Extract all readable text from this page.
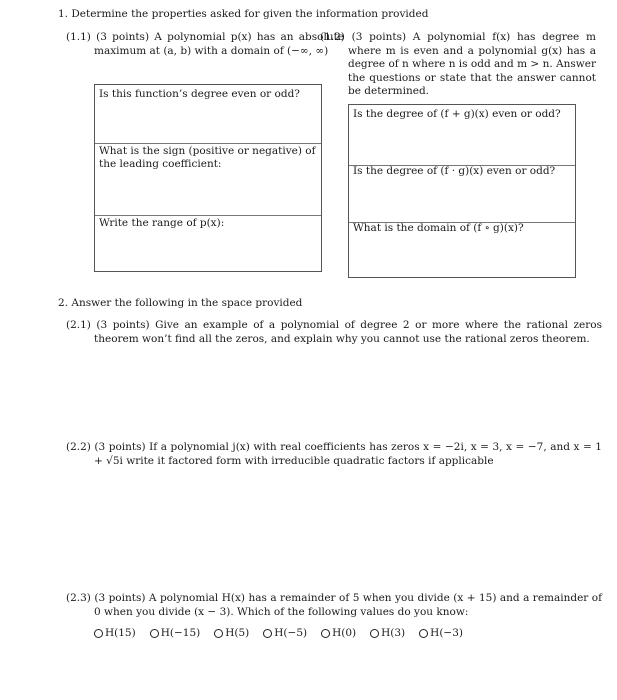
1. Determine the properties asked for given the information provided
(1.1) (3 points) A polynomial p(x) has an absolute maximum at (a, b) with a domain of (−∞, ∞)
(1.2) (3 points) A polynomial f(x) has degree m where m is even and a polynomial g(x) has a degree of n where n is odd and m > n. Answer the questions or state that the answer cannot be determined.
Is this function’s degree even or odd?
What is the sign (positive or negative) of the leading coefficient:
Write the range of p(x):
Is the degree of (f + g)(x) even or odd?
Is the degree of (f · g)(x) even or odd?
What is the domain of (f ∘ g)(x)?
2. Answer the following in the space provided
(2.1) (3 points) Give an example of a polynomial of degree 2 or more where the rational zeros theorem won’t find all the zeros, and explain why you cannot use the rational zeros theorem.
(2.2) (3 points) If a polynomial j(x) with real coefficients has zeros x = −2i, x = 3, x = −7, and x = 1 + √5i write it factored form with irreducible quadratic factors if applicable
(2.3) (3 points) A polynomial H(x) has a remainder of 5 when you divide (x + 15) and a remainder of 0 when you divide (x − 3). Which of the following values do you know:
H(15) H(−15) H(5) H(−5) H(0) H(3) H(−3)
